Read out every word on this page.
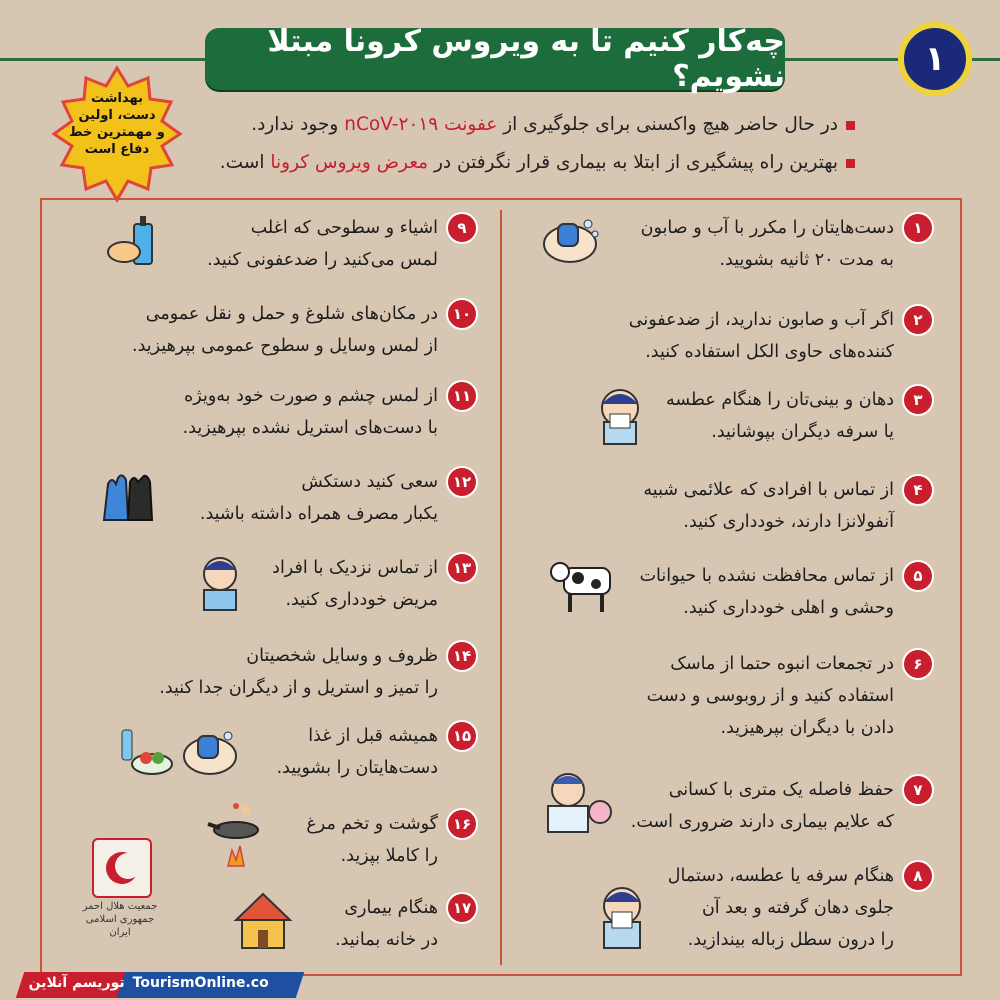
چه‌کار کنیم تا به ویروس کرونا مبتلا نشویم؟	۱
بهداشت
دست، اولین
و مهمترین خط
دفاع است
در حال حاضر هیچ واکسنی برای جلوگیری از عفونت nCoV-۲۰۱۹ وجود ندارد.
بهترین راه پیشگیری از ابتلا به بیماری قرار نگرفتن در معرض ویروس کرونا است.
۱
دست‌هایتان را مکرر با آب و صابون
به مدت ۲۰ ثانیه بشویید.
۲
اگر آب و صابون ندارید، از ضدعفونی
کننده‌های حاوی الکل استفاده کنید.
۳
دهان و بینی‌تان را هنگام عطسه
یا سرفه دیگران بپوشانید.
۴
از تماس با افرادی که علائمی شبیه
آنفولانزا دارند، خودداری کنید.
۵
از تماس محافظت نشده با حیوانات
وحشی و اهلی خودداری کنید.
۶
در تجمعات انبوه حتما از ماسک
استفاده کنید و از روبوسی و دست
دادن با دیگران بپرهیزید.
۷
حفظ فاصله یک متری با کسانی
که علایم بیماری دارند ضروری است.
۸
هنگام سرفه یا عطسه، دستمال
جلوی دهان گرفته و بعد آن
را درون سطل زباله بیندازید.
۹
اشیاء و سطوحی که اغلب
لمس می‌کنید را ضدعفونی کنید.
۱۰
در مکان‌های شلوغ و حمل و نقل عمومی
از لمس وسایل و سطوح عمومی بپرهیزید.
۱۱
از لمس چشم و صورت خود به‌ویژه
با دست‌های استریل نشده بپرهیزید.
۱۲
سعی کنید دستکش
یکبار مصرف همراه داشته باشید.
۱۳
از تماس نزدیک با افراد
مریض خودداری کنید.
۱۴
ظروف و وسایل شخصیتان
را تمیز و استریل و از دیگران جدا کنید.
۱۵
همیشه قبل از غذا
دست‌هایتان را بشویید.
۱۶
گوشت و تخم مرغ
را کاملا بپزید.
۱۷
هنگام بیماری
در خانه بمانید.
جمعیت هلال احمر
جمهوری اسلامی ایران
توریسم آنلاین TourismOnline.co
